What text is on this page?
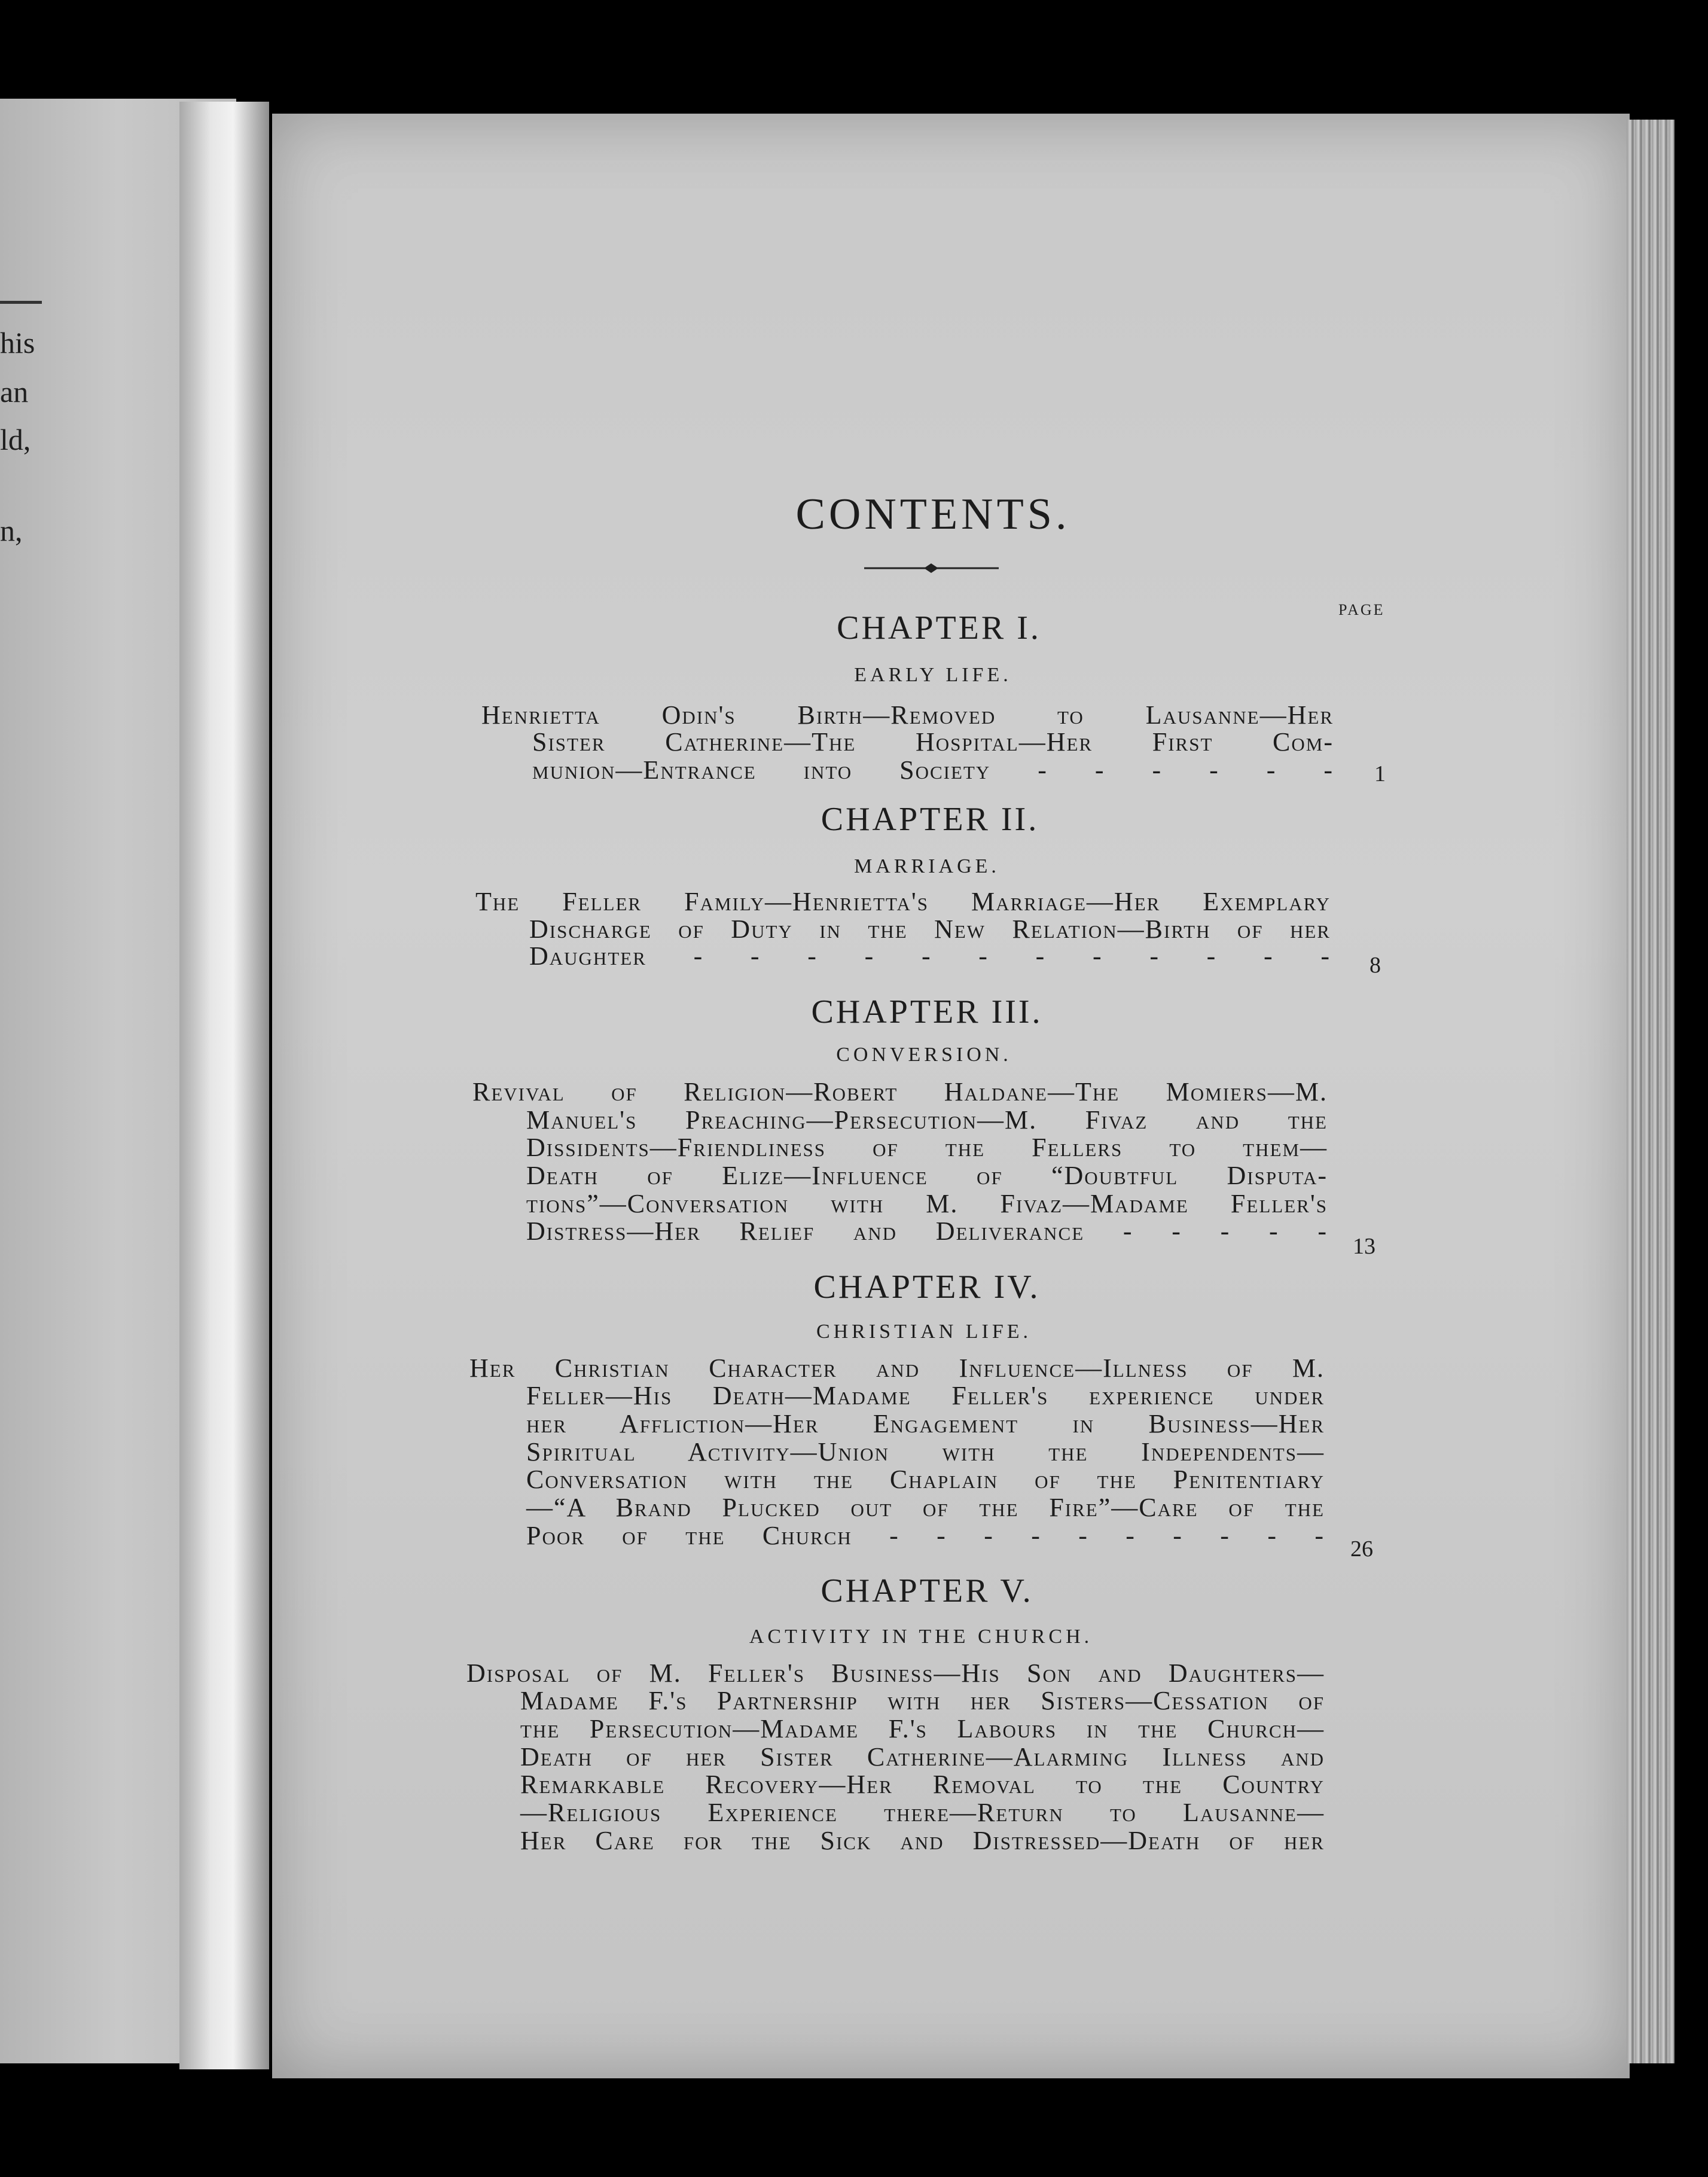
his
an
ld,
n,	CONTENTS.
PAGE
CHAPTER I.
EARLY LIFE.
Henrietta Odin's Birth—Removed to Lausanne—Her
Sister Catherine—The Hospital—Her First Com-
munion—Entrance into Society - - - - - - 1
CHAPTER II.
MARRIAGE.
The Feller Family—Henrietta's Marriage—Her Exemplary
Discharge of Duty in the New Relation—Birth of her
Daughter - - - - - - - - - - - - 8
CHAPTER III.
CONVERSION.
Revival of Religion—Robert Haldane—The Momiers—M.
Manuel's Preaching—Persecution—M. Fivaz and the
Dissidents—Friendliness of the Fellers to them—
Death of Elize—Influence of “Doubtful Disputa-
tions”—Conversation with M. Fivaz—Madame Feller's
Distress—Her Relief and Deliverance - - - - -
13
CHAPTER IV.
CHRISTIAN LIFE.
Her Christian Character and Influence—Illness of M.
Feller—His Death—Madame Feller's experience under
her Affliction—Her Engagement in Business—Her
Spiritual Activity—Union with the Independents—
Conversation with the Chaplain of the Penitentiary
—“A Brand Plucked out of the Fire”—Care of the
Poor of the Church - - - - - - - - - - 26
CHAPTER V.
ACTIVITY IN THE CHURCH.
Disposal of M. Feller's Business—His Son and Daughters—
Madame F.'s Partnership with her Sisters—Cessation of
the Persecution—Madame F.'s Labours in the Church—
Death of her Sister Catherine—Alarming Illness and
Remarkable Recovery—Her Removal to the Country
—Religious Experience there—Return to Lausanne—
Her Care for the Sick and Distressed—Death of her
